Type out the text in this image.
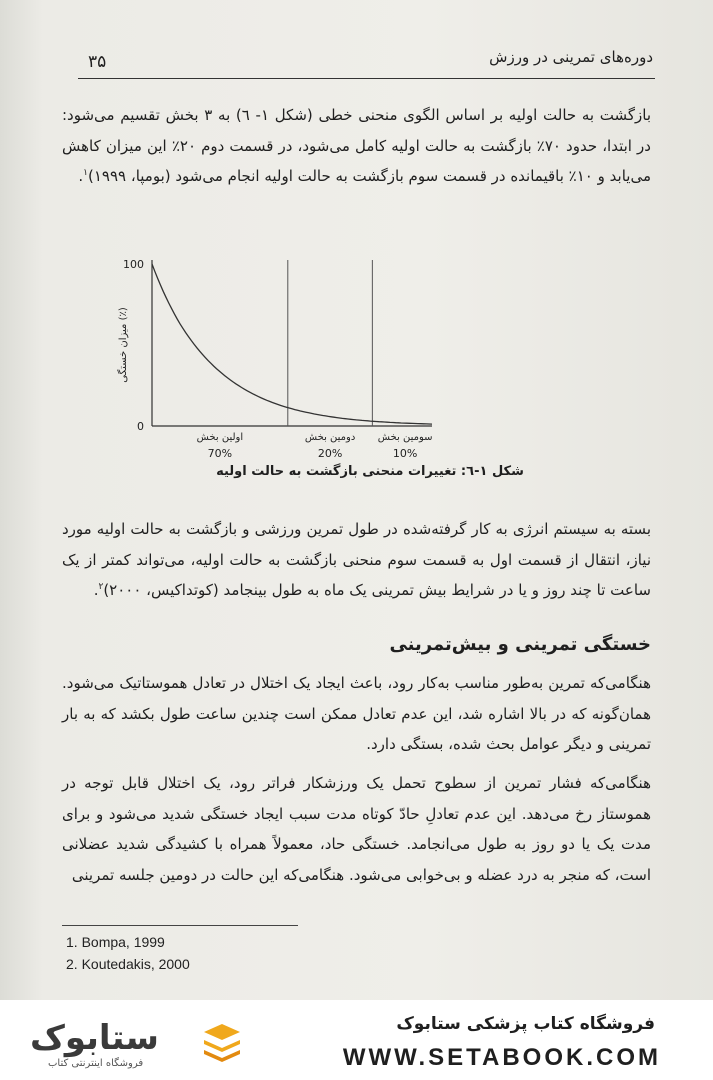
دوره‌های تمرینی در ورزش
۳۵

بازگشت به حالت اولیه بر اساس الگوی منحنی خطی (شکل ۱- ٦) به ۳ بخش تقسیم می‌شود: در ابتدا، حدود ۷۰٪ بازگشت به حالت اولیه کامل می‌شود، در قسمت دوم ۲۰٪ این میزان کاهش می‌یابد و ۱۰٪ باقیمانده در قسمت سوم بازگشت به حالت اولیه انجام می‌شود (بومپا، ۱۹۹۹)$^۱$.

100
0
میزان خستگی (٪)
اولین بخش
70%
دومین بخش
20%
سومین بخش
10%
شکل ۱-٦: تغییرات منحنی بازگشت به حالت اولیه

بسته به سیستم انرژی به کار گرفته‌شده در طول تمرین ورزشی و بازگشت به حالت اولیه مورد نیاز، انتقال از قسمت اول به قسمت سوم منحنی بازگشت به حالت اولیه، می‌تواند کمتر از یک ساعت تا چند روز و یا در شرایط بیش تمرینی یک ماه به طول بینجامد (کوتداکیس، ۲۰۰۰)$^۲$.

خستگی تمرینی و بیش‌تمرینی

هنگامی‌که تمرین به‌طور مناسب به‌کار رود، باعث ایجاد یک اختلال در تعادل هموستاتیک می‌شود. همان‌گونه که در بالا اشاره شد، این عدم تعادل ممکن است چندین ساعت طول بکشد که به بار تمرینی و دیگر عوامل بحث شده، بستگی دارد.

هنگامی‌که فشار تمرین از سطوح تحمل یک ورزشکار فراتر رود، یک اختلال قابل توجه در هموستاز رخ می‌دهد. این عدم تعادلِ حادّ کوتاه مدت سبب ایجاد خستگی شدید می‌شود و برای مدت یک یا دو روز به طول می‌انجامد. خستگی حاد، معمولاً همراه با کشیدگی شدید عضلانی است، که منجر به درد عضله و بی‌خوابی می‌شود. هنگامی‌که این حالت در دومین جلسه تمرینی

1. Bompa, 1999
2. Koutedakis, 2000
ستابوک
فروشگاه اینترنتی کتاب
فروشگاه کتاب پزشکی ستابوک
WWW.SETABOOK.COM
